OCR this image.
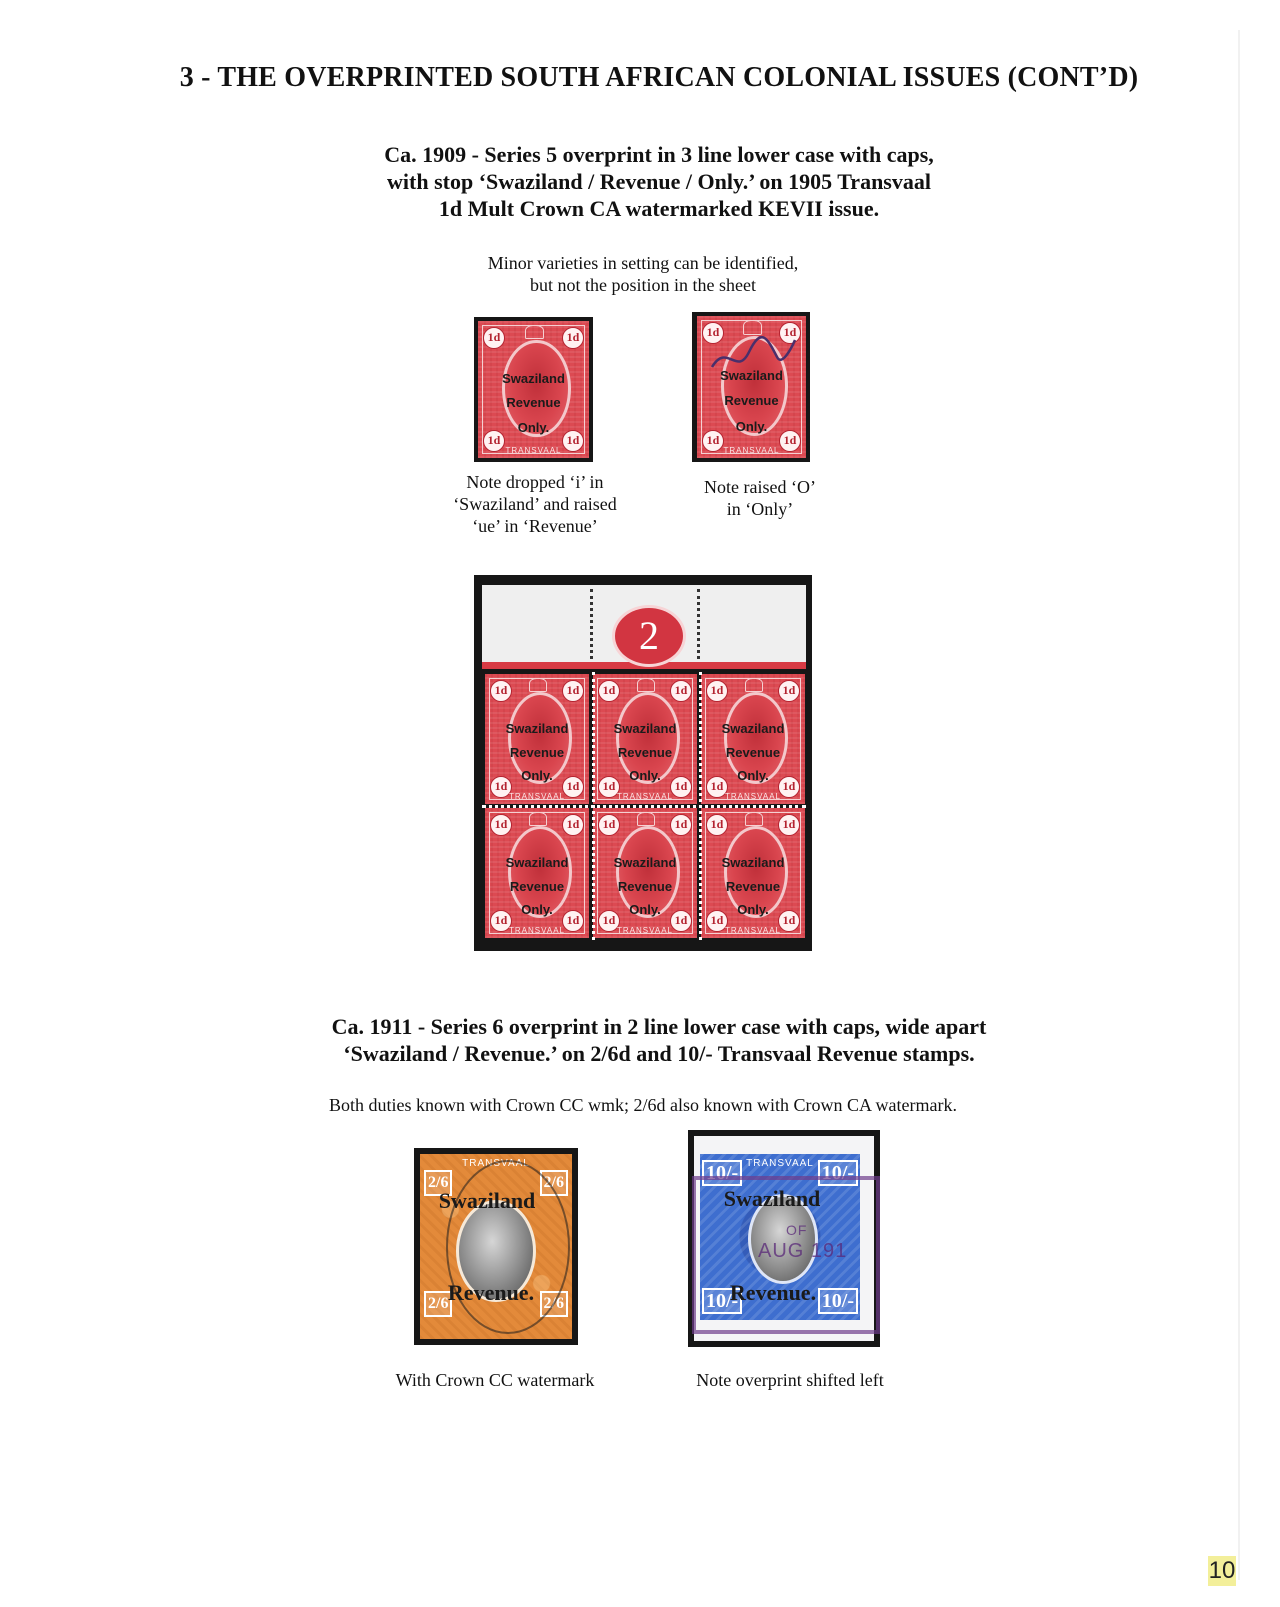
3 - THE OVERPRINTED SOUTH AFRICAN COLONIAL ISSUES (CONT’D)
Ca. 1909 - Series 5 overprint in 3 line lower case with caps,
with stop ‘Swaziland / Revenue / Only.’ on 1905 Transvaal
1d Mult Crown CA watermarked KEVII issue.
Minor varieties in setting can be identified,
but not the position in the sheet
1d	1d
1d	1d
TRANSVAAL
Swaziland
Revenue
Only.
1d	1d
1d	1d
TRANSVAAL
Swaziland
Revenue
Only.
Note dropped ‘i’ in
‘Swaziland’ and raised
‘ue’ in ‘Revenue’
Note raised ‘O’
in ‘Only’
2
1d	1d
1d	1d
TRANSVAAL
Swaziland
Revenue
Only.
1d	1d
1d	1d
TRANSVAAL
Swaziland
Revenue
Only.
1d	1d
1d	1d
TRANSVAAL
Swaziland
Revenue
Only.
1d	1d
1d	1d
TRANSVAAL
Swaziland
Revenue
Only.
1d	1d
1d	1d
TRANSVAAL
Swaziland
Revenue
Only.
1d	1d
1d	1d
TRANSVAAL
Swaziland
Revenue
Only.
Ca. 1911 - Series 6 overprint in 2 line lower case with caps, wide apart
‘Swaziland / Revenue.’ on 2/6d and 10/- Transvaal Revenue stamps.
Both duties known with Crown CC wmk; 2/6d also known with Crown CA watermark.
TRANSVAAL
2/6	2/6
2/6	2/6
Swaziland
Revenue.
TRANSVAAL
10/-	10/-
10/-	10/-
Swaziland
Revenue.
OF
AUG 191
With Crown CC watermark	Note overprint shifted left
10
